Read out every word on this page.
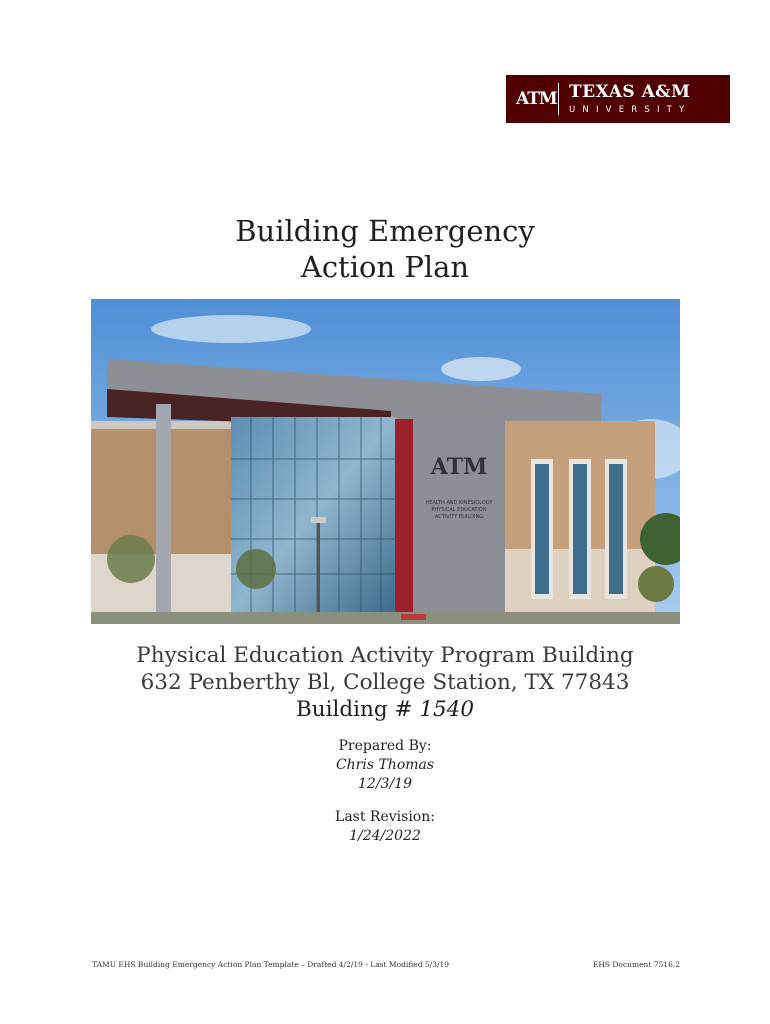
ATM TEXAS A&M
UNIVERSITY
Building Emergency
Action Plan
ATM
HEALTH AND KINESIOLOGY
PHYSICAL EDUCATION
ACTIVITY BUILDING
Physical Education Activity Program Building
632 Penberthy Bl, College Station, TX 77843
Building # 1540
Prepared By:
Chris Thomas
12/3/19
Last Revision:
1/24/2022
TAMU EHS Building Emergency Action Plan Template – Drafted 4/2/19 - Last Modified 5/3/19	EHS Document 7516.2
